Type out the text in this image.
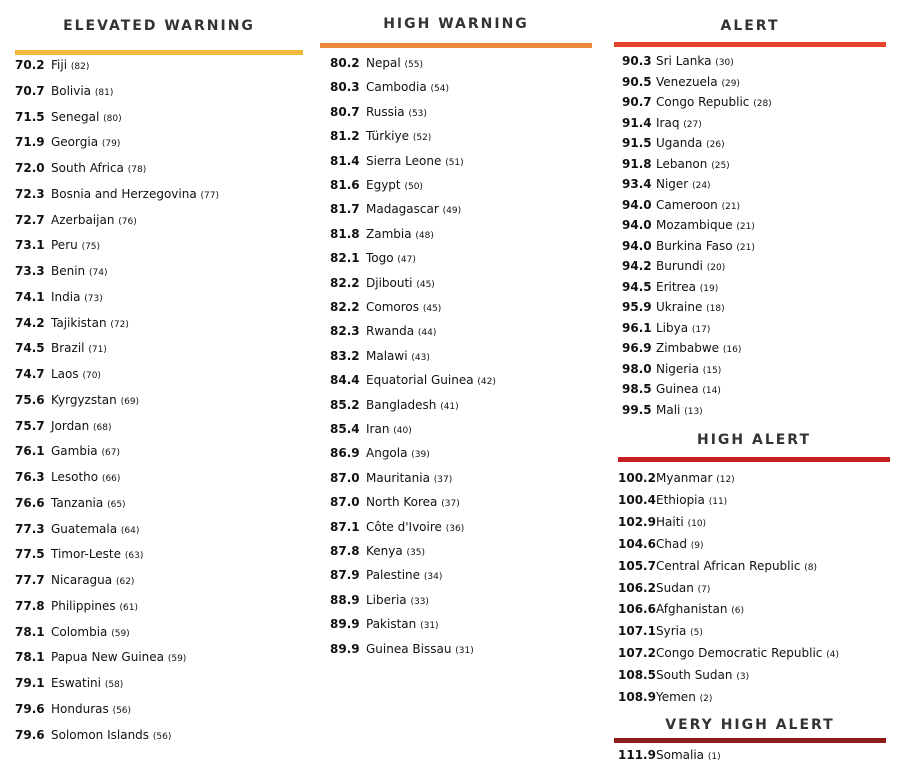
ELEVATED WARNING
70.2 Fiji (82)
70.7 Bolivia (81)
71.5 Senegal (80)
71.9 Georgia (79)
72.0 South Africa (78)
72.3 Bosnia and Herzegovina (77)
72.7 Azerbaijan (76)
73.1 Peru (75)
73.3 Benin (74)
74.1 India (73)
74.2 Tajikistan (72)
74.5 Brazil (71)
74.7 Laos (70)
75.6 Kyrgyzstan (69)
75.7 Jordan (68)
76.1 Gambia (67)
76.3 Lesotho (66)
76.6 Tanzania (65)
77.3 Guatemala (64)
77.5 Timor-Leste (63)
77.7 Nicaragua (62)
77.8 Philippines (61)
78.1 Colombia (59)
78.1 Papua New Guinea (59)
79.1 Eswatini (58)
79.6 Honduras (56)
79.6 Solomon Islands (56)
HIGH WARNING
80.2 Nepal (55)
80.3 Cambodia (54)
80.7 Russia (53)
81.2 Türkiye (52)
81.4 Sierra Leone (51)
81.6 Egypt (50)
81.7 Madagascar (49)
81.8 Zambia (48)
82.1 Togo (47)
82.2 Djibouti (45)
82.2 Comoros (45)
82.3 Rwanda (44)
83.2 Malawi (43)
84.4 Equatorial Guinea (42)
85.2 Bangladesh (41)
85.4 Iran (40)
86.9 Angola (39)
87.0 Mauritania (37)
87.0 North Korea (37)
87.1 Côte d'Ivoire (36)
87.8 Kenya (35)
87.9 Palestine (34)
88.9 Liberia (33)
89.9 Pakistan (31)
89.9 Guinea Bissau (31)
ALERT
90.3 Sri Lanka (30)
90.5 Venezuela (29)
90.7 Congo Republic (28)
91.4 Iraq (27)
91.5 Uganda (26)
91.8 Lebanon (25)
93.4 Niger (24)
94.0 Cameroon (21)
94.0 Mozambique (21)
94.0 Burkina Faso (21)
94.2 Burundi (20)
94.5 Eritrea (19)
95.9 Ukraine (18)
96.1 Libya (17)
96.9 Zimbabwe (16)
98.0 Nigeria (15)
98.5 Guinea (14)
99.5 Mali (13)
HIGH ALERT
100.2Myanmar (12)
100.4Ethiopia (11)
102.9Haiti (10)
104.6Chad (9)
105.7Central African Republic (8)
106.2Sudan (7)
106.6Afghanistan (6)
107.1Syria (5)
107.2Congo Democratic Republic (4)
108.5South Sudan (3)
108.9Yemen (2)
VERY HIGH ALERT
111.9Somalia (1)
